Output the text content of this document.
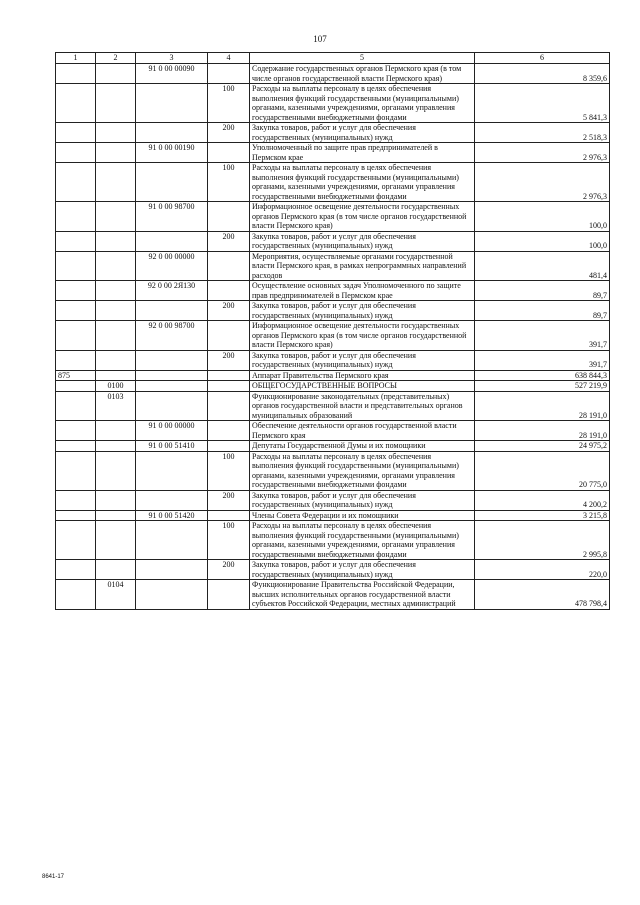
107
1	2	3	4	5	6
		91 0 00 00090		Содержание государственных органов Пермского края (в том числе органов государственной власти Пермского края)	8 359,6
			100	Расходы на выплаты персоналу в целях обеспечения выполнения функций государственными (муниципальными) органами, казенными учреждениями, органами управления государственными внебюджетными фондами	5 841,3
			200	Закупка товаров, работ и услуг для обеспечения государственных (муниципальных) нужд	2 518,3
		91 0 00 00190		Уполномоченный по защите прав предпринимателей в Пермском крае	2 976,3
			100	Расходы на выплаты персоналу в целях обеспечения выполнения функций государственными (муниципальными) органами, казенными учреждениями, органами управления государственными внебюджетными фондами	2 976,3
		91 0 00 98700		Информационное освещение деятельности государственных органов Пермского края (в том числе органов государственной власти Пермского края)	100,0
			200	Закупка товаров, работ и услуг для обеспечения государственных (муниципальных) нужд	100,0
		92 0 00 00000		Мероприятия, осуществляемые органами государственной власти Пермского края, в рамках непрограммных направлений расходов	481,4
		92 0 00 2Я130		Осуществление основных задач Уполномоченного по защите прав предпринимателей в Пермском крае	89,7
			200	Закупка товаров, работ и услуг для обеспечения государственных (муниципальных) нужд	89,7
		92 0 00 98700		Информационное освещение деятельности государственных органов Пермского края (в том числе органов государственной власти Пермского края)	391,7
			200	Закупка товаров, работ и услуг для обеспечения государственных (муниципальных) нужд	391,7
875				Аппарат Правительства Пермского края	638 844,3
	0100			ОБЩЕГОСУДАРСТВЕННЫЕ ВОПРОСЫ	527 219,9
	0103			Функционирование законодательных (представительных) органов государственной власти и представительных органов муниципальных образований	28 191,0
		91 0 00 00000		Обеспечение деятельности органов государственной власти Пермского края	28 191,0
		91 0 00 51410		Депутаты Государственной Думы и их помощники	24 975,2
			100	Расходы на выплаты персоналу в целях обеспечения выполнения функций государственными (муниципальными) органами, казенными учреждениями, органами управления государственными внебюджетными фондами	20 775,0
			200	Закупка товаров, работ и услуг для обеспечения государственных (муниципальных) нужд	4 200,2
		91 0 00 51420		Члены Совета Федерации и их помощники	3 215,8
			100	Расходы на выплаты персоналу в целях обеспечения выполнения функций государственными (муниципальными) органами, казенными учреждениями, органами управления государственными внебюджетными фондами	2 995,8
			200	Закупка товаров, работ и услуг для обеспечения государственных (муниципальных) нужд	220,0
	0104			Функционирование Правительства Российской Федерации, высших исполнительных органов государственной власти субъектов Российской Федерации, местных администраций	478 798,4
8641-17
